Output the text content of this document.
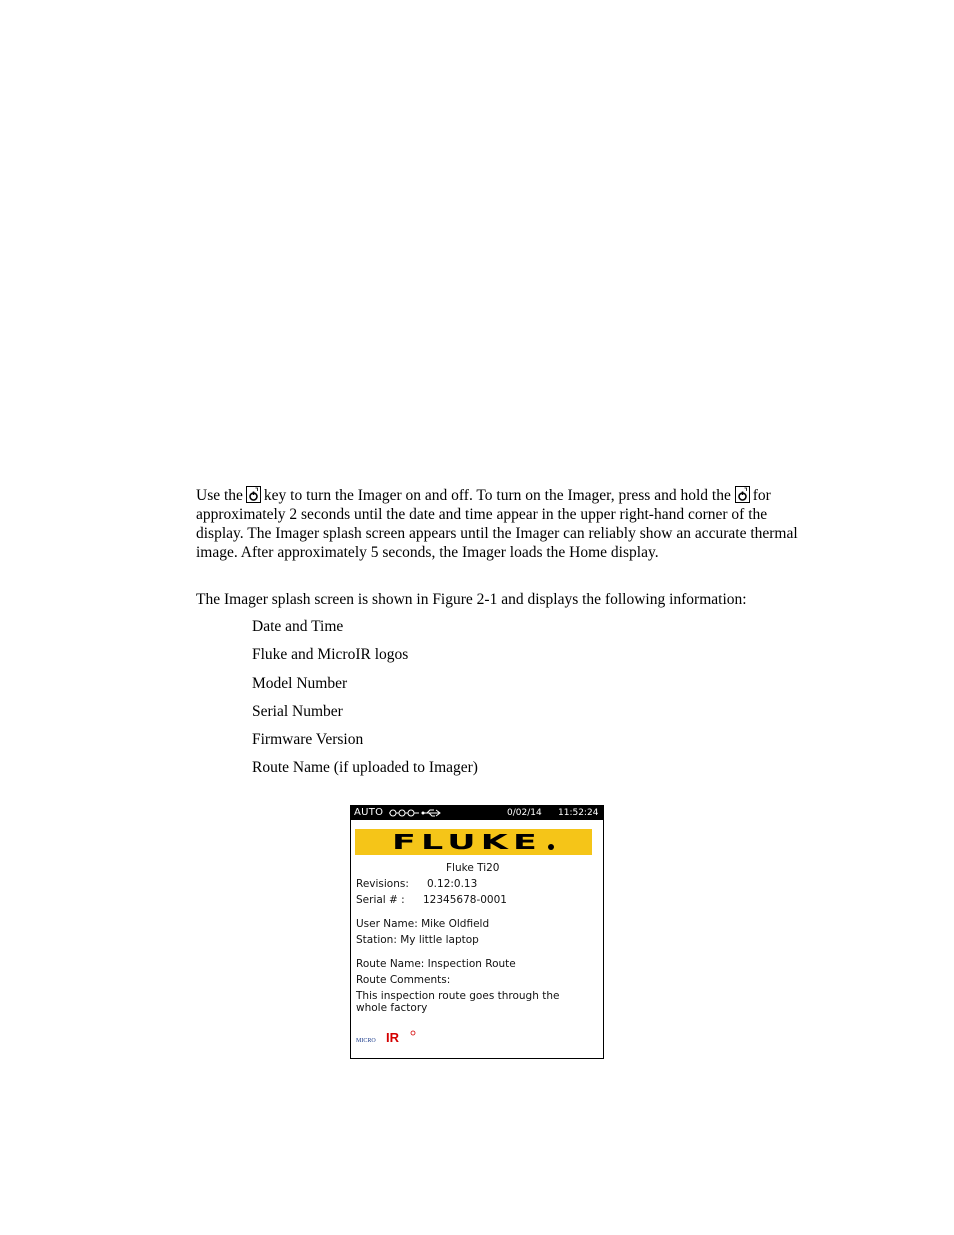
Use the key to turn the Imager on and off. To turn on the Imager, press and hold the for approximately 2 seconds until the date and time appear in the upper right-hand corner of the display. The Imager splash screen appears until the Imager can reliably show an accurate thermal image. After approximately 5 seconds, the Imager loads the Home display.

The Imager splash screen is shown in Figure 2-1 and displays the following information:

Date and Time
Fluke and MicroIR logos
Model Number
Serial Number
Firmware Version
Route Name (if uploaded to Imager)
AUTO	0/02/14 11:52:24
FLUKE
Fluke Ti20
Revisions: 0.12:0.13
Serial # : 12345678-0001
User Name: Mike Oldfield
Station: My little laptop
Route Name: Inspection Route
Route Comments:
This inspection route goes through the
whole factory
MICRO IR
